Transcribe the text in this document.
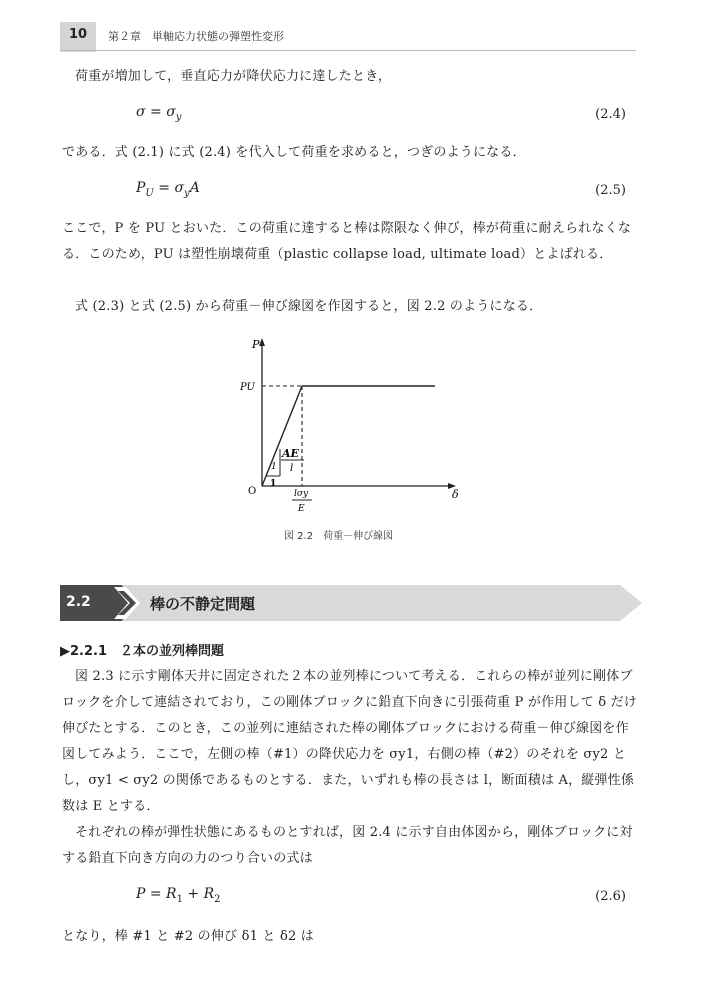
10	第２章　単軸応力状態の弾塑性変形
荷重が増加して，垂直応力が降伏応力に達したとき，
$\sigma = \sigma_y$	(2.4)
である．式 (2.1) に式 (2.4) を代入して荷重を求めると，つぎのようになる．
$P_U = \sigma_yA$	(2.5)
ここで，P を PU とおいた．この荷重に達すると棒は際限なく伸び，棒が荷重に耐えられなくなる．このため，PU は塑性崩壊荷重（plastic collapse load, ultimate load）とよばれる．
式 (2.3) と式 (2.5) から荷重－伸び線図を作図すると，図 2.2 のようになる．
1
1
AE
l
P
PU
O	δ
lσy
E
図 2.2　荷重－伸び線図
2.2	棒の不静定問題
▶2.2.1　２本の並列棒問題
図 2.3 に示す剛体天井に固定された２本の並列棒について考える．これらの棒が並列に剛体ブロックを介して連結されており，この剛体ブロックに鉛直下向きに引張荷重 P が作用して δ だけ伸びたとする．このとき，この並列に連結された棒の剛体ブロックにおける荷重－伸び線図を作図してみよう．ここで，左側の棒（#1）の降伏応力を σy1，右側の棒（#2）のそれを σy2 とし，σy1 < σy2 の関係であるものとする．また，いずれも棒の長さは l，断面積は A，縦弾性係数は E とする．
それぞれの棒が弾性状態にあるものとすれば，図 2.4 に示す自由体図から，剛体ブロックに対する鉛直下向き方向の力のつり合いの式は
$P = R_1 + R_2$	(2.6)
となり，棒 #1 と #2 の伸び δ1 と δ2 は
